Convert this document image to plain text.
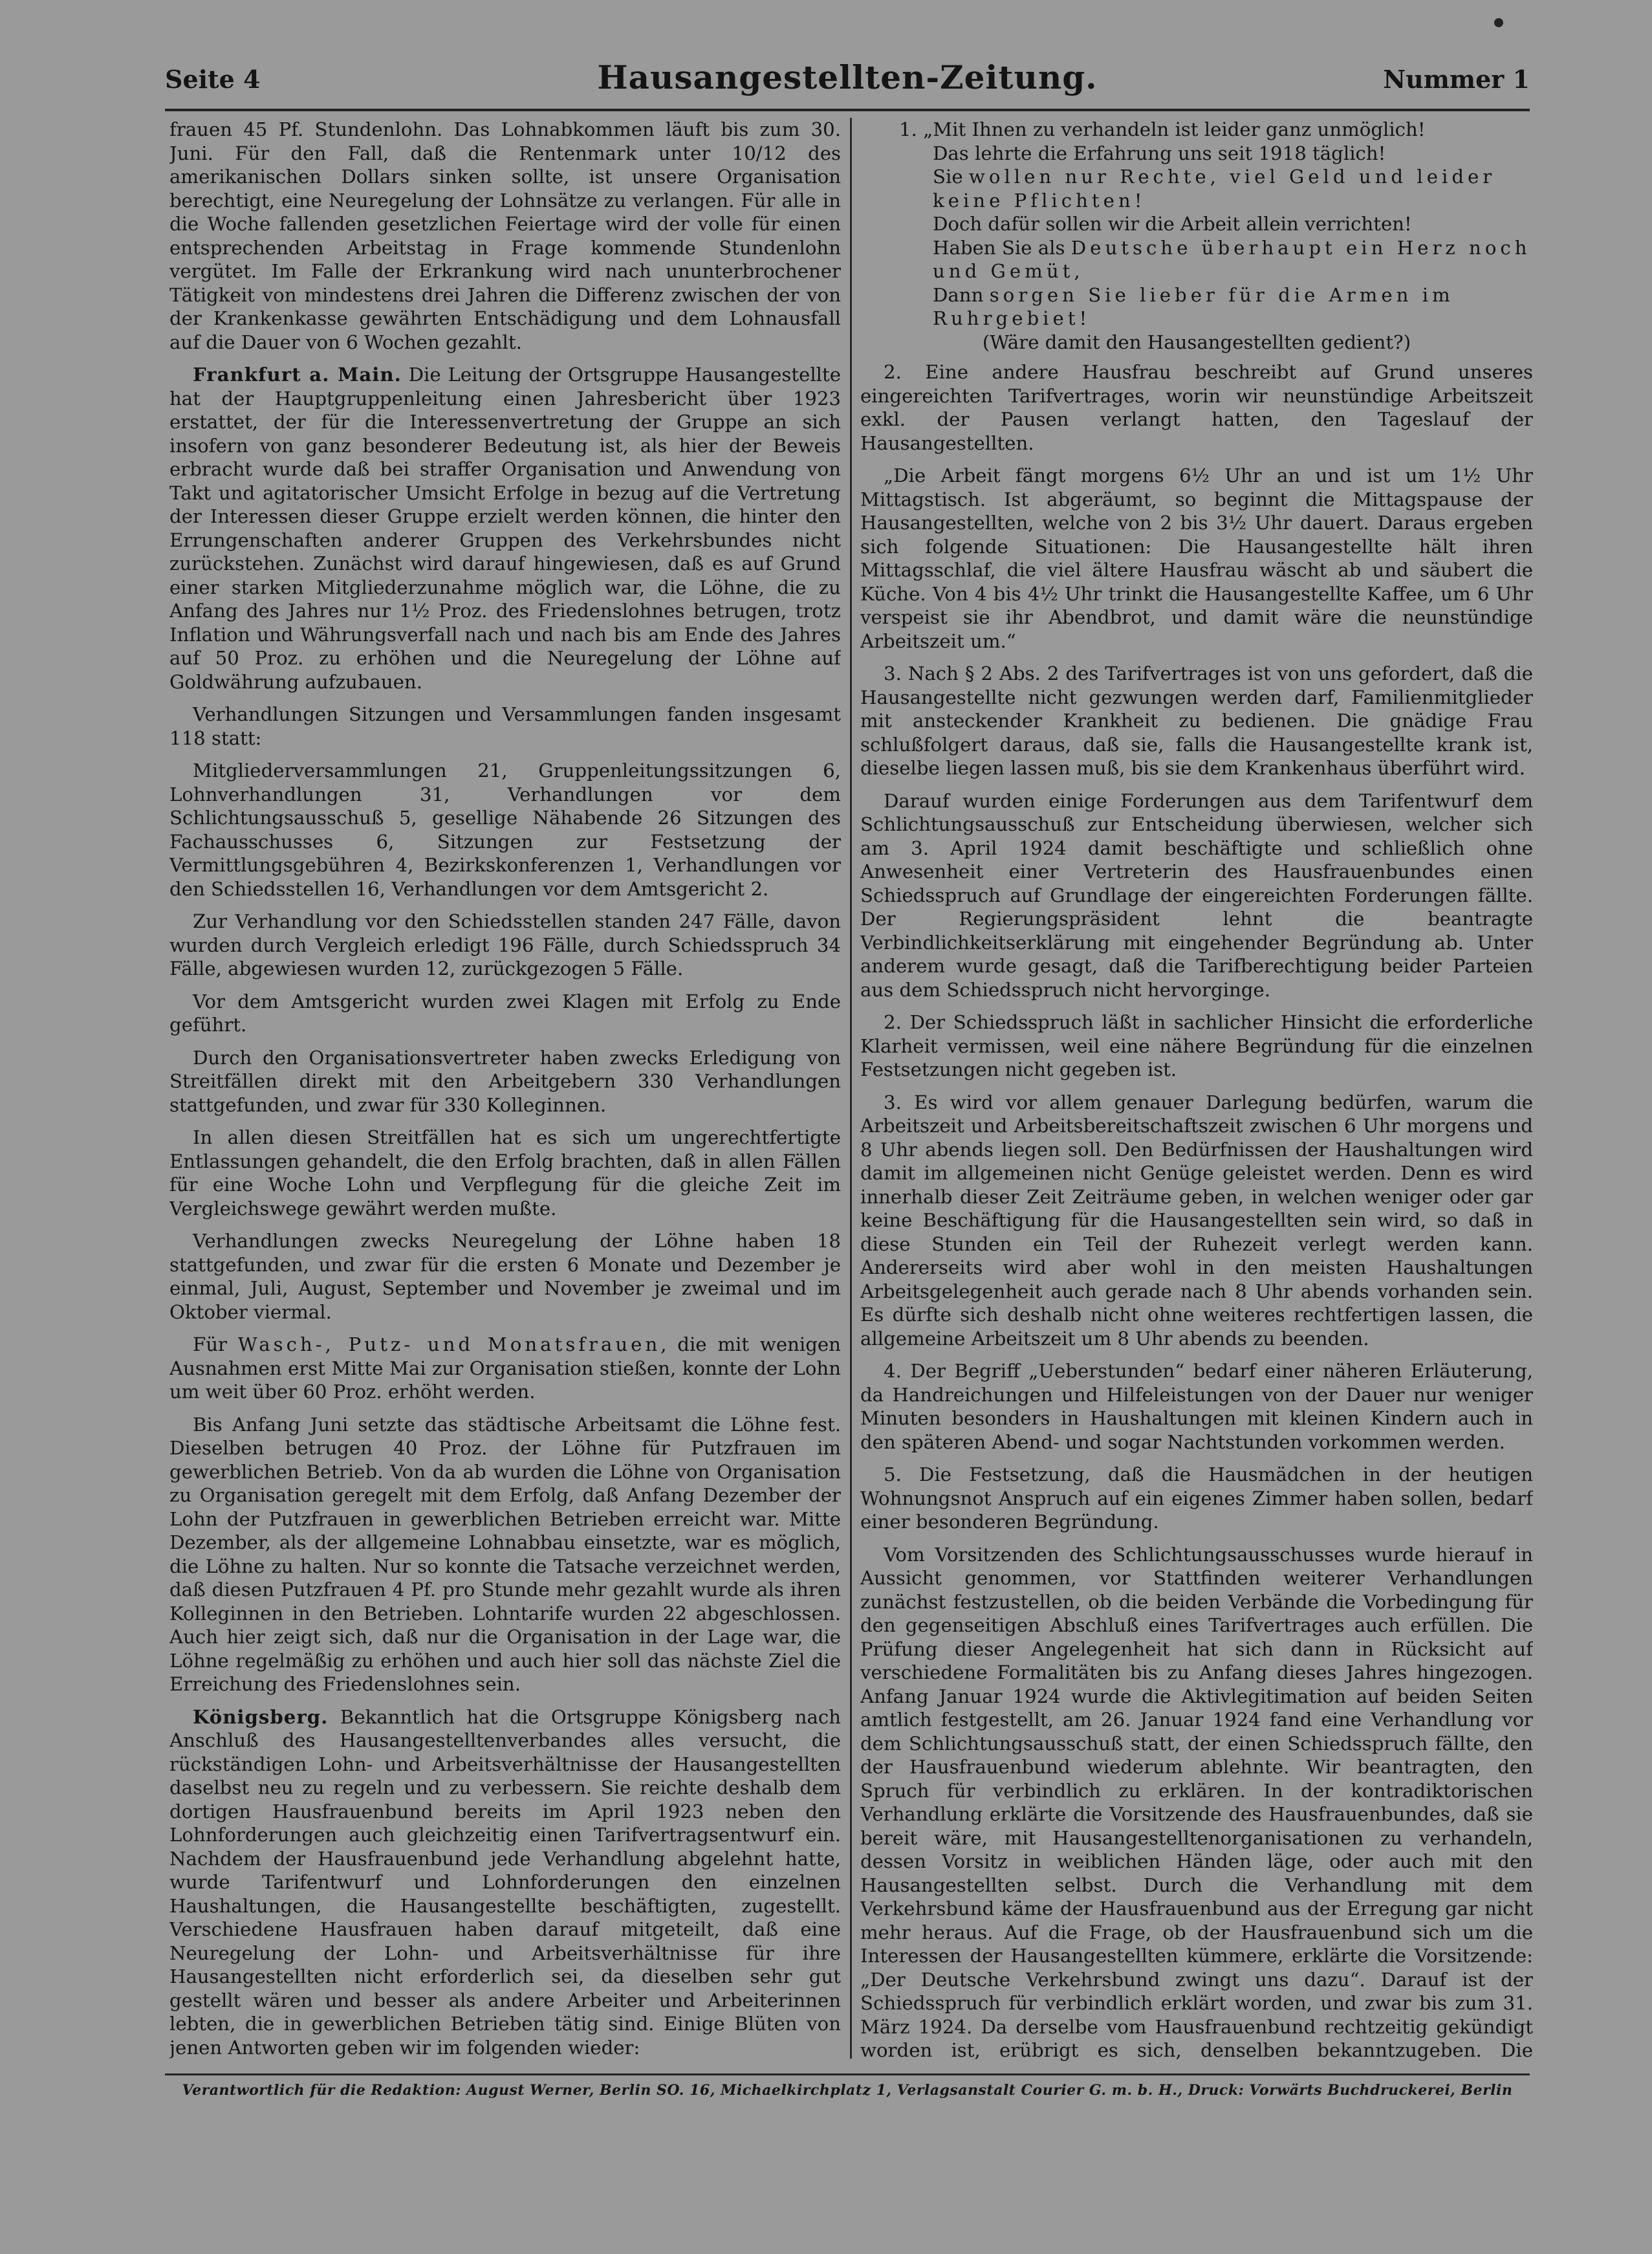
Seite 4	Hausangestellten-Zeitung.	Nummer 1

frauen 45 Pf. Stundenlohn. Das Lohnabkommen läuft bis zum 30. Juni. Für den Fall, daß die Rentenmark unter 10/12 des amerikanischen Dollars sinken sollte, ist unsere Organisation berechtigt, eine Neuregelung der Lohnsätze zu verlangen. Für alle in die Woche fallenden gesetzlichen Feiertage wird der volle für einen entsprechenden Arbeitstag in Frage kommende Stundenlohn vergütet. Im Falle der Erkrankung wird nach ununterbrochener Tätigkeit von mindestens drei Jahren die Differenz zwischen der von der Krankenkasse gewährten Entschädigung und dem Lohnausfall auf die Dauer von 6 Wochen gezahlt.

Frankfurt a. Main. Die Leitung der Ortsgruppe Hausangestellte hat der Hauptgruppenleitung einen Jahresbericht über 1923 erstattet, der für die Interessenvertretung der Gruppe an sich insofern von ganz besonderer Bedeutung ist, als hier der Beweis erbracht wurde daß bei straffer Organisation und Anwendung von Takt und agitatorischer Umsicht Erfolge in bezug auf die Vertretung der Interessen dieser Gruppe erzielt werden können, die hinter den Errungenschaften anderer Gruppen des Verkehrsbundes nicht zurückstehen. Zunächst wird darauf hingewiesen, daß es auf Grund einer starken Mitgliederzunahme möglich war, die Löhne, die zu Anfang des Jahres nur 1½ Proz. des Friedenslohnes betrugen, trotz Inflation und Währungsverfall nach und nach bis am Ende des Jahres auf 50 Proz. zu erhöhen und die Neuregelung der Löhne auf Goldwährung aufzubauen.

Verhandlungen Sitzungen und Versammlungen fanden insgesamt 118 statt:

Mitgliederversammlungen 21, Gruppenleitungssitzungen 6, Lohnverhandlungen 31, Verhandlungen vor dem Schlichtungsausschuß 5, gesellige Nähabende 26 Sitzungen des Fachausschusses 6, Sitzungen zur Festsetzung der Vermittlungsgebühren 4, Bezirkskonferenzen 1, Verhandlungen vor den Schiedsstellen 16, Verhandlungen vor dem Amtsgericht 2.

Zur Verhandlung vor den Schiedsstellen standen 247 Fälle, davon wurden durch Vergleich erledigt 196 Fälle, durch Schiedsspruch 34 Fälle, abgewiesen wurden 12, zurückgezogen 5 Fälle.

Vor dem Amtsgericht wurden zwei Klagen mit Erfolg zu Ende geführt.

Durch den Organisationsvertreter haben zwecks Erledigung von Streitfällen direkt mit den Arbeitgebern 330 Verhandlungen stattgefunden, und zwar für 330 Kolleginnen.

In allen diesen Streitfällen hat es sich um ungerechtfertigte Entlassungen gehandelt, die den Erfolg brachten, daß in allen Fällen für eine Woche Lohn und Verpflegung für die gleiche Zeit im Vergleichswege gewährt werden mußte.

Verhandlungen zwecks Neuregelung der Löhne haben 18 stattgefunden, und zwar für die ersten 6 Monate und Dezember je einmal, Juli, August, September und November je zweimal und im Oktober viermal.

Für Wasch-, Putz- und Monatsfrauen, die mit wenigen Ausnahmen erst Mitte Mai zur Organisation stießen, konnte der Lohn um weit über 60 Proz. erhöht werden.

Bis Anfang Juni setzte das städtische Arbeitsamt die Löhne fest. Dieselben betrugen 40 Proz. der Löhne für Putzfrauen im gewerblichen Betrieb. Von da ab wurden die Löhne von Organisation zu Organisation geregelt mit dem Erfolg, daß Anfang Dezember der Lohn der Putzfrauen in gewerblichen Betrieben erreicht war. Mitte Dezember, als der allgemeine Lohnabbau einsetzte, war es möglich, die Löhne zu halten. Nur so konnte die Tatsache verzeichnet werden, daß diesen Putzfrauen 4 Pf. pro Stunde mehr gezahlt wurde als ihren Kolleginnen in den Betrieben. Lohntarife wurden 22 abgeschlossen. Auch hier zeigt sich, daß nur die Organisation in der Lage war, die Löhne regelmäßig zu erhöhen und auch hier soll das nächste Ziel die Erreichung des Friedenslohnes sein.

Königsberg. Bekanntlich hat die Ortsgruppe Königsberg nach Anschluß des Hausangestelltenverbandes alles versucht, die rückständigen Lohn- und Arbeitsverhältnisse der Hausangestellten daselbst neu zu regeln und zu verbessern. Sie reichte deshalb dem dortigen Hausfrauenbund bereits im April 1923 neben den Lohnforderungen auch gleichzeitig einen Tarifvertragsentwurf ein. Nachdem der Hausfrauenbund jede Verhandlung abgelehnt hatte, wurde Tarifentwurf und Lohnforderungen den einzelnen Haushaltungen, die Hausangestellte beschäftigten, zugestellt. Verschiedene Hausfrauen haben darauf mitgeteilt, daß eine Neuregelung der Lohn- und Arbeitsverhältnisse für ihre Hausangestellten nicht erforderlich sei, da dieselben sehr gut gestellt wären und besser als andere Arbeiter und Arbeiterinnen lebten, die in gewerblichen Betrieben tätig sind. Einige Blüten von jenen Antworten geben wir im folgenden wieder:

1. „Mit Ihnen zu verhandeln ist leider ganz unmöglich!
Das lehrte die Erfahrung uns seit 1918 täglich!
Sie wollen nur Rechte, viel Geld und leider keine Pflichten!
Doch dafür sollen wir die Arbeit allein verrichten!
Haben Sie als Deutsche überhaupt ein Herz noch und Gemüt,
Dann sorgen Sie lieber für die Armen im Ruhrgebiet!
(Wäre damit den Hausangestellten gedient?)

2. Eine andere Hausfrau beschreibt auf Grund unseres eingereichten Tarifvertrages, worin wir neunstündige Arbeitszeit exkl. der Pausen verlangt hatten, den Tageslauf der Hausangestellten.

„Die Arbeit fängt morgens 6½ Uhr an und ist um 1½ Uhr Mittagstisch. Ist abgeräumt, so beginnt die Mittagspause der Hausangestellten, welche von 2 bis 3½ Uhr dauert. Daraus ergeben sich folgende Situationen: Die Hausangestellte hält ihren Mittagsschlaf, die viel ältere Hausfrau wäscht ab und säubert die Küche. Von 4 bis 4½ Uhr trinkt die Hausangestellte Kaffee, um 6 Uhr verspeist sie ihr Abendbrot, und damit wäre die neunstündige Arbeitszeit um.“

3. Nach § 2 Abs. 2 des Tarifvertrages ist von uns gefordert, daß die Hausangestellte nicht gezwungen werden darf, Familienmitglieder mit ansteckender Krankheit zu bedienen. Die gnädige Frau schlußfolgert daraus, daß sie, falls die Hausangestellte krank ist, dieselbe liegen lassen muß, bis sie dem Krankenhaus überführt wird.

Darauf wurden einige Forderungen aus dem Tarifentwurf dem Schlichtungsausschuß zur Entscheidung überwiesen, welcher sich am 3. April 1924 damit beschäftigte und schließlich ohne Anwesenheit einer Vertreterin des Hausfrauenbundes einen Schiedsspruch auf Grundlage der eingereichten Forderungen fällte. Der Regierungspräsident lehnt die beantragte Verbindlichkeitserklärung mit eingehender Begründung ab. Unter anderem wurde gesagt, daß die Tarifberechtigung beider Parteien aus dem Schiedsspruch nicht hervorginge.

2. Der Schiedsspruch läßt in sachlicher Hinsicht die erforderliche Klarheit vermissen, weil eine nähere Begründung für die einzelnen Festsetzungen nicht gegeben ist.

3. Es wird vor allem genauer Darlegung bedürfen, warum die Arbeitszeit und Arbeitsbereitschaftszeit zwischen 6 Uhr morgens und 8 Uhr abends liegen soll. Den Bedürfnissen der Haushaltungen wird damit im allgemeinen nicht Genüge geleistet werden. Denn es wird innerhalb dieser Zeit Zeiträume geben, in welchen weniger oder gar keine Beschäftigung für die Hausangestellten sein wird, so daß in diese Stunden ein Teil der Ruhezeit verlegt werden kann. Andererseits wird aber wohl in den meisten Haushaltungen Arbeitsgelegenheit auch gerade nach 8 Uhr abends vorhanden sein. Es dürfte sich deshalb nicht ohne weiteres rechtfertigen lassen, die allgemeine Arbeitszeit um 8 Uhr abends zu beenden.

4. Der Begriff „Ueberstunden“ bedarf einer näheren Erläuterung, da Handreichungen und Hilfeleistungen von der Dauer nur weniger Minuten besonders in Haushaltungen mit kleinen Kindern auch in den späteren Abend- und sogar Nachtstunden vorkommen werden.

5. Die Festsetzung, daß die Hausmädchen in der heutigen Wohnungsnot Anspruch auf ein eigenes Zimmer haben sollen, bedarf einer besonderen Begründung.

Vom Vorsitzenden des Schlichtungsausschusses wurde hierauf in Aussicht genommen, vor Stattfinden weiterer Verhandlungen zunächst festzustellen, ob die beiden Verbände die Vorbedingung für den gegenseitigen Abschluß eines Tarifvertrages auch erfüllen. Die Prüfung dieser Angelegenheit hat sich dann in Rücksicht auf verschiedene Formalitäten bis zu Anfang dieses Jahres hingezogen. Anfang Januar 1924 wurde die Aktivlegitimation auf beiden Seiten amtlich festgestellt, am 26. Januar 1924 fand eine Verhandlung vor dem Schlichtungsausschuß statt, der einen Schiedsspruch fällte, den der Hausfrauenbund wiederum ablehnte. Wir beantragten, den Spruch für verbindlich zu erklären. In der kontradiktorischen Verhandlung erklärte die Vorsitzende des Hausfrauenbundes, daß sie bereit wäre, mit Hausangestelltenorganisationen zu verhandeln, dessen Vorsitz in weiblichen Händen läge, oder auch mit den Hausangestellten selbst. Durch die Verhandlung mit dem Verkehrsbund käme der Hausfrauenbund aus der Erregung gar nicht mehr heraus. Auf die Frage, ob der Hausfrauenbund sich um die Interessen der Hausangestellten kümmere, erklärte die Vorsitzende: „Der Deutsche Verkehrsbund zwingt uns dazu“. Darauf ist der Schiedsspruch für verbindlich erklärt worden, und zwar bis zum 31. März 1924. Da derselbe vom Hausfrauenbund rechtzeitig gekündigt worden ist, erübrigt es sich, denselben bekanntzugeben. Die

Verantwortlich für die Redaktion: August Werner, Berlin SO. 16, Michaelkirchplatz 1, Verlagsanstalt Courier G. m. b. H., Druck: Vorwärts Buchdruckerei, Berlin
